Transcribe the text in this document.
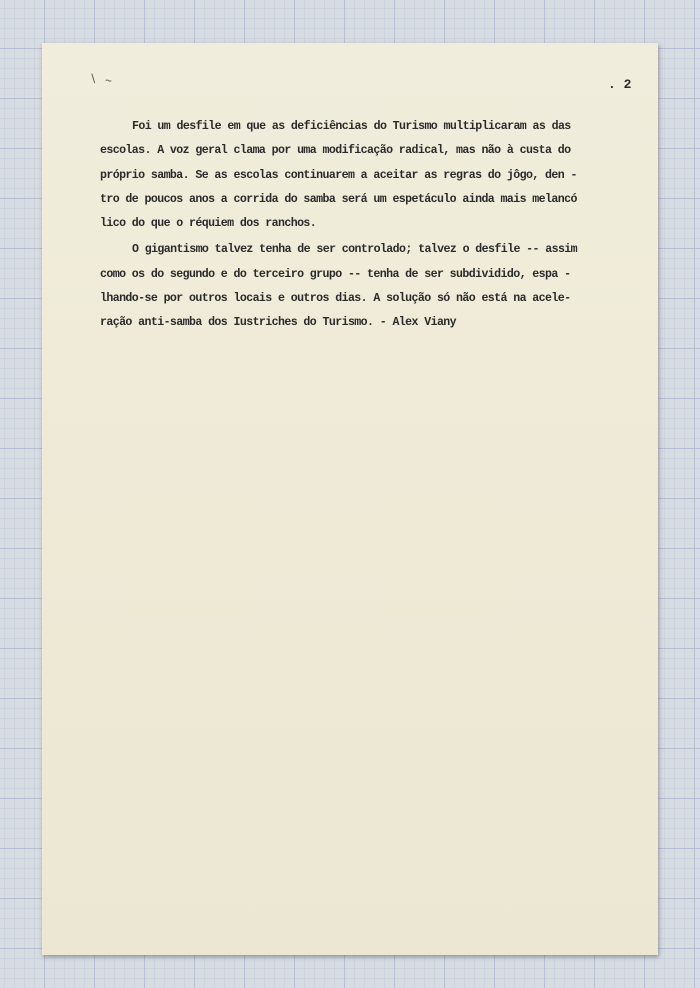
\ ~	. 2
Foi um desfile em que as deficiências do Turismo multiplicaram as das
escolas. A voz geral clama por uma modificação radical, mas não à custa do
próprio samba. Se as escolas continuarem a aceitar as regras do jôgo, den -
tro de poucos anos a corrida do samba será um espetáculo ainda mais melancó
lico do que o réquiem dos ranchos.
O gigantismo talvez tenha de ser controlado; talvez o desfile -- assim
como os do segundo e do terceiro grupo -- tenha de ser subdividido, espa -
lhando-se por outros locais e outros dias. A solução só não está na acele-
ração anti-samba dos Iustriches do Turismo. - Alex Viany
